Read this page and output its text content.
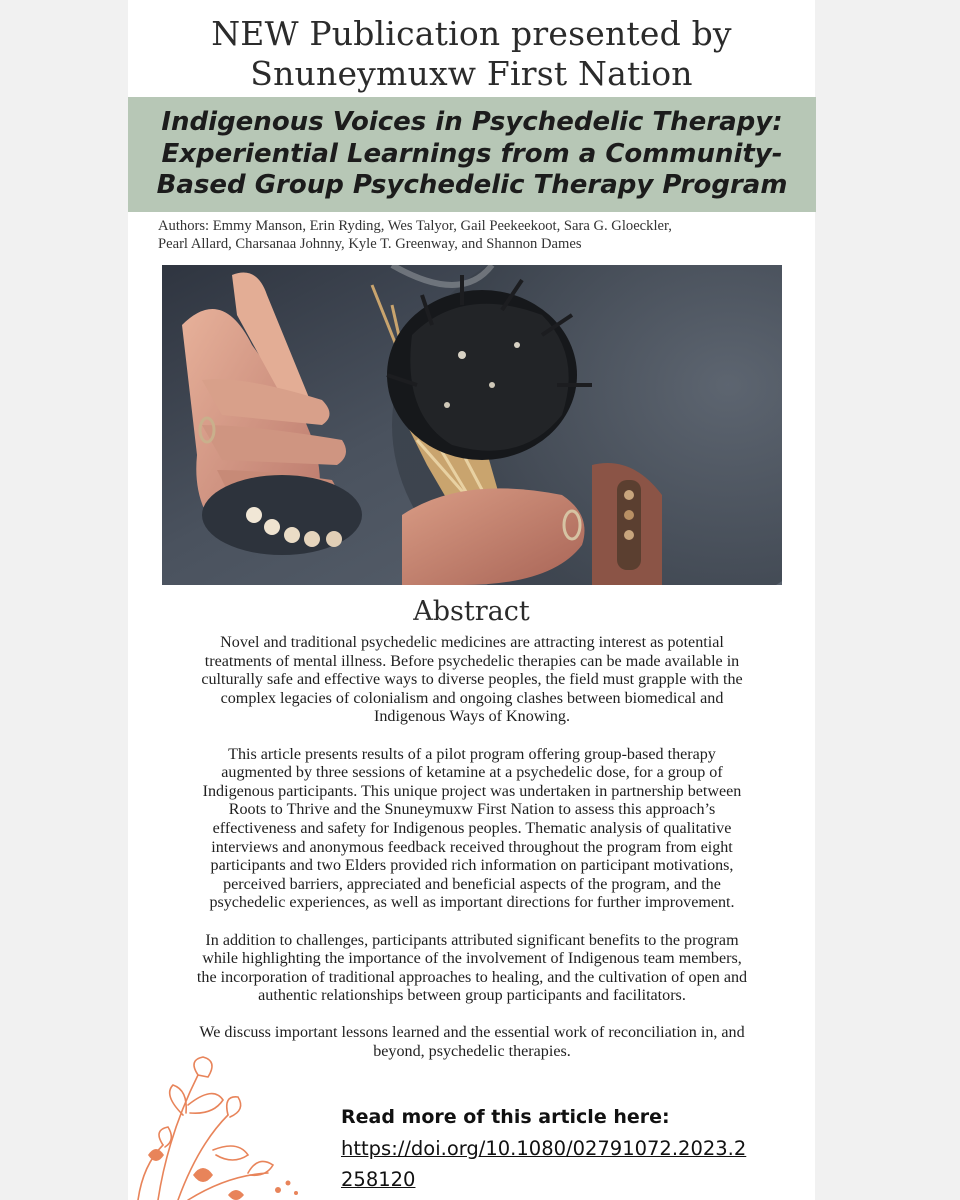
NEW Publication presented by
Snuneymuxw First Nation
Indigenous Voices in Psychedelic Therapy:
Experiential Learnings from a Community-
Based Group Psychedelic Therapy Program
Authors: Emmy Manson, Erin Ryding, Wes Talyor, Gail Peekeekoot, Sara G. Gloeckler,
Pearl Allard, Charsanaa Johnny, Kyle T. Greenway, and Shannon Dames
Abstract

Novel and traditional psychedelic medicines are attracting interest as potential
treatments of mental illness. Before psychedelic therapies can be made available in
culturally safe and effective ways to diverse peoples, the field must grapple with the
complex legacies of colonialism and ongoing clashes between biomedical and
Indigenous Ways of Knowing.

This article presents results of a pilot program offering group-based therapy
augmented by three sessions of ketamine at a psychedelic dose, for a group of
Indigenous participants. This unique project was undertaken in partnership between
Roots to Thrive and the Snuneymuxw First Nation to assess this approach’s
effectiveness and safety for Indigenous peoples. Thematic analysis of qualitative
interviews and anonymous feedback received throughout the program from eight
participants and two Elders provided rich information on participant motivations,
perceived barriers, appreciated and beneficial aspects of the program, and the
psychedelic experiences, as well as important directions for further improvement.

In addition to challenges, participants attributed significant benefits to the program
while highlighting the importance of the involvement of Indigenous team members,
the incorporation of traditional approaches to healing, and the cultivation of open and
authentic relationships between group participants and facilitators.

We discuss important lessons learned and the essential work of reconciliation in, and
beyond, psychedelic therapies.

Read more of this article here:
https://doi.org/10.1080/02791072.2023.2
258120
